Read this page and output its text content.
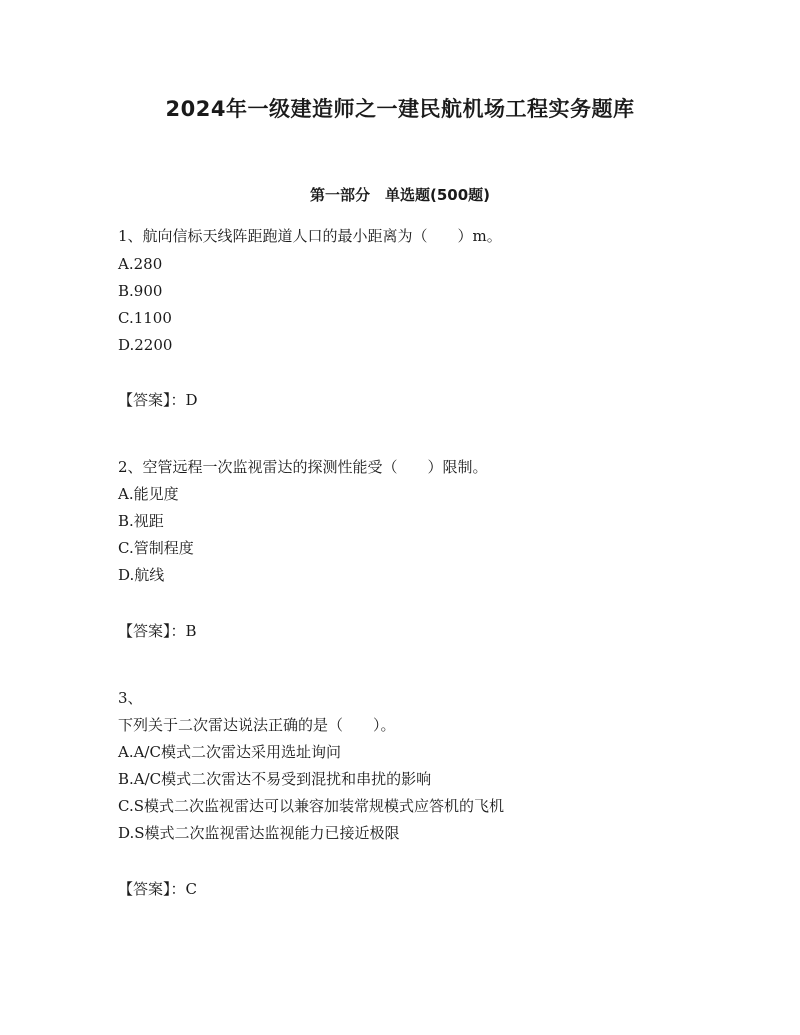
2024年一级建造师之一建民航机场工程实务题库
第一部分　单选题(500题)
1、航向信标天线阵距跑道人口的最小距离为（　　）m。
A.280
B.900
C.1100
D.2200
【答案】：D
2、空管远程一次监视雷达的探测性能受（　　）限制。
A.能见度
B.视距
C.管制程度
D.航线
【答案】：B
3、
下列关于二次雷达说法正确的是（　　）。
A.A/C模式二次雷达采用选址询问
B.A/C模式二次雷达不易受到混扰和串扰的影响
C.S模式二次监视雷达可以兼容加装常规模式应答机的飞机
D.S模式二次监视雷达监视能力已接近极限
【答案】：C
